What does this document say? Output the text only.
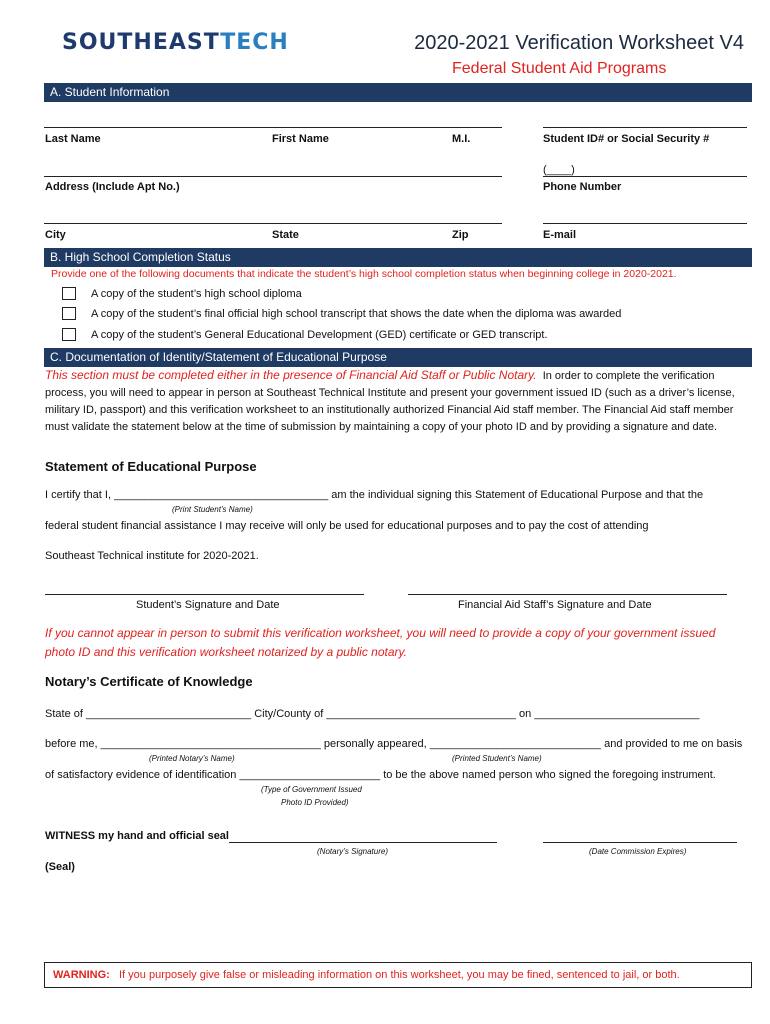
SOUTHEASTTECH	2020-2021 Verification Worksheet V4
Federal Student Aid Programs
A. Student Information
Last Name	First Name	M.I.	Student ID# or Social Security #
(____)
Address (Include Apt No.)	Phone Number
City	State	Zip	E-mail
B. High School Completion Status
Provide one of the following documents that indicate the student’s high school completion status when beginning college in 2020-2021.
A copy of the student’s high school diploma
A copy of the student’s final official high school transcript that shows the date when the diploma was awarded
A copy of the student’s General Educational Development (GED) certificate or GED transcript.
C. Documentation of Identity/Statement of Educational Purpose
This section must be completed either in the presence of Financial Aid Staff or Public Notary. In order to complete the verification process, you will need to appear in person at Southeast Technical Institute and present your government issued ID (such as a driver’s license, military ID, passport) and this verification worksheet to an institutionally authorized Financial Aid staff member. The Financial Aid staff member must validate the statement below at the time of submission by maintaining a copy of your photo ID and by providing a signature and date.
Statement of Educational Purpose
I certify that I, ___________________________________ am the individual signing this Statement of Educational Purpose and that the
(Print Student’s Name)
federal student financial assistance I may receive will only be used for educational purposes and to pay the cost of attending
Southeast Technical institute for 2020-2021.
Student’s Signature and Date	Financial Aid Staff’s Signature and Date
If you cannot appear in person to submit this verification worksheet, you will need to provide a copy of your government issued photo ID and this verification worksheet notarized by a public notary.
Notary’s Certificate of Knowledge
State of ___________________________ City/County of _______________________________ on ___________________________
before me, ____________________________________ personally appeared, ____________________________ and provided to me on basis
(Printed Notary’s Name)	(Printed Student’s Name)
of satisfactory evidence of identification _______________________ to be the above named person who signed the foregoing instrument.
(Type of Government Issued
Photo ID Provided)
WITNESS my hand and official seal
(Notary’s Signature)	(Date Commission Expires)
(Seal)
WARNING: If you purposely give false or misleading information on this worksheet, you may be fined, sentenced to jail, or both.
